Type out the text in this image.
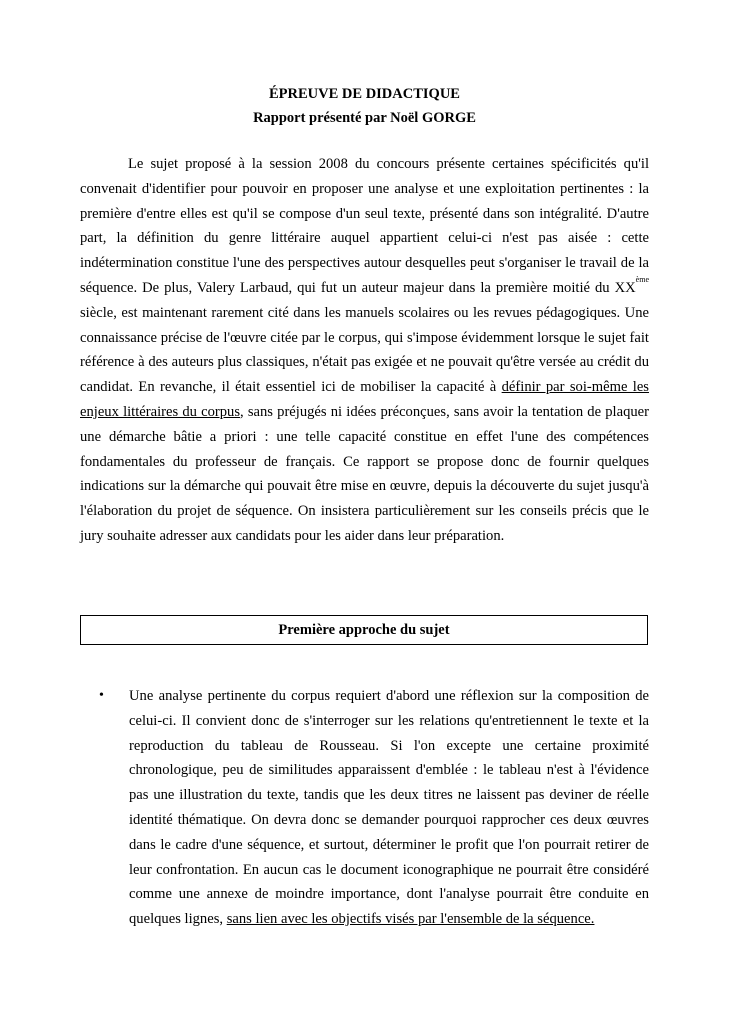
ÉPREUVE DE DIDACTIQUE

Rapport présenté par Noël GORGE

Le sujet proposé à la session 2008 du concours présente certaines spécificités qu'il convenait d'identifier pour pouvoir en proposer une analyse et une exploitation pertinentes : la première d'entre elles est qu'il se compose d'un seul texte, présenté dans son intégralité. D'autre part, la définition du genre littéraire auquel appartient celui-ci n'est pas aisée : cette indétermination constitue l'une des perspectives autour desquelles peut s'organiser le travail de la séquence. De plus, Valery Larbaud, qui fut un auteur majeur dans la première moitié du XXème siècle, est maintenant rarement cité dans les manuels scolaires ou les revues pédagogiques. Une connaissance précise de l'œuvre citée par le corpus, qui s'impose évidemment lorsque le sujet fait référence à des auteurs plus classiques, n'était pas exigée et ne pouvait qu'être versée au crédit du candidat. En revanche, il était essentiel ici de mobiliser la capacité à définir par soi-même les enjeux littéraires du corpus, sans préjugés ni idées préconçues, sans avoir la tentation de plaquer une démarche bâtie a priori : une telle capacité constitue en effet l'une des compétences fondamentales du professeur de français. Ce rapport se propose donc de fournir quelques indications sur la démarche qui pouvait être mise en œuvre, depuis la découverte du sujet jusqu'à l'élaboration du projet de séquence. On insistera particulièrement sur les conseils précis que le jury souhaite adresser aux candidats pour les aider dans leur préparation.

Première approche du sujet
• Une analyse pertinente du corpus requiert d'abord une réflexion sur la composition de celui-ci. Il convient donc de s'interroger sur les relations qu'entretiennent le texte et la reproduction du tableau de Rousseau. Si l'on excepte une certaine proximité chronologique, peu de similitudes apparaissent d'emblée : le tableau n'est à l'évidence pas une illustration du texte, tandis que les deux titres ne laissent pas deviner de réelle identité thématique. On devra donc se demander pourquoi rapprocher ces deux œuvres dans le cadre d'une séquence, et surtout, déterminer le profit que l'on pourrait retirer de leur confrontation. En aucun cas le document iconographique ne pourrait être considéré comme une annexe de moindre importance, dont l'analyse pourrait être conduite en quelques lignes, sans lien avec les objectifs visés par l'ensemble de la séquence.
